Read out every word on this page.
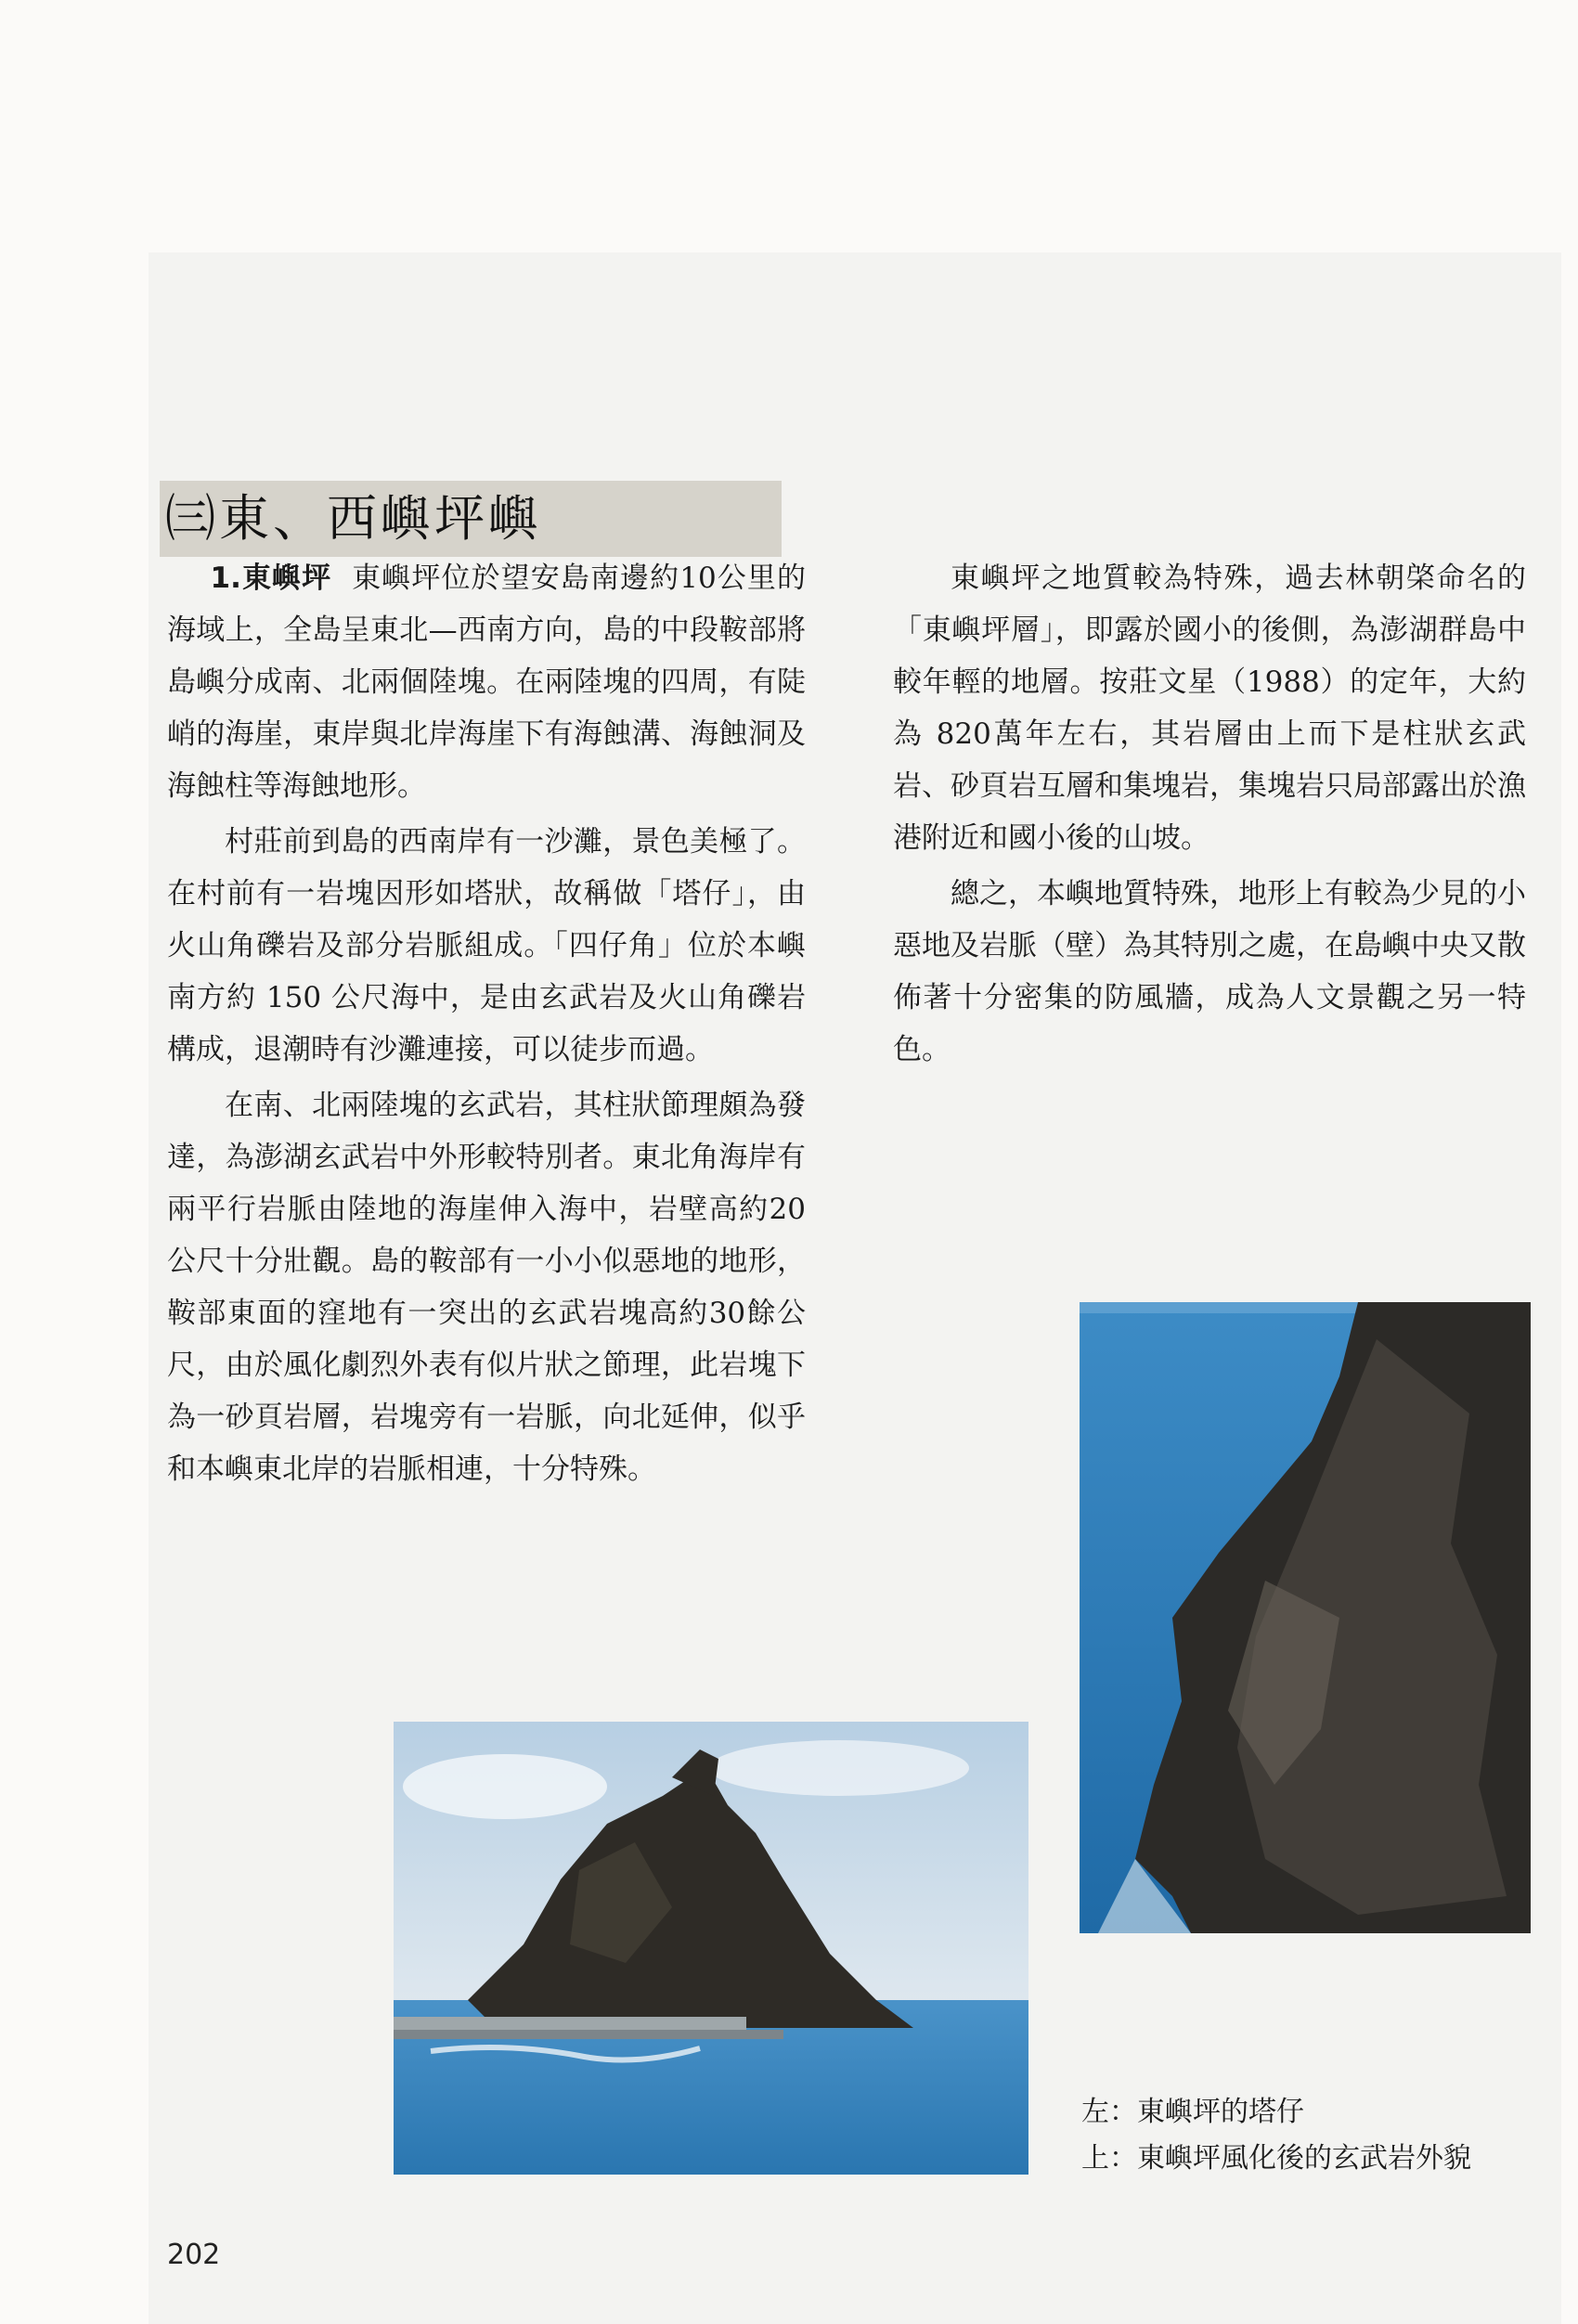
㈢東、西嶼坪嶼

1.東嶼坪 東嶼坪位於望安島南邊約10公里的海域上，全島呈東北—西南方向，島的中段鞍部將島嶼分成南、北兩個陸塊。在兩陸塊的四周，有陡峭的海崖，東岸與北岸海崖下有海蝕溝、海蝕洞及海蝕柱等海蝕地形。

村莊前到島的西南岸有一沙灘，景色美極了。在村前有一岩塊因形如塔狀，故稱做「塔仔」，由火山角礫岩及部分岩脈組成。「四仔角」位於本嶼南方約 150 公尺海中，是由玄武岩及火山角礫岩構成，退潮時有沙灘連接，可以徒步而過。

在南、北兩陸塊的玄武岩，其柱狀節理頗為發達，為澎湖玄武岩中外形較特別者。東北角海岸有兩平行岩脈由陸地的海崖伸入海中，岩壁高約20公尺十分壯觀。島的鞍部有一小小似惡地的地形，鞍部東面的窪地有一突出的玄武岩塊高約30餘公尺，由於風化劇烈外表有似片狀之節理，此岩塊下為一砂頁岩層，岩塊旁有一岩脈，向北延伸，似乎和本嶼東北岸的岩脈相連，十分特殊。

東嶼坪之地質較為特殊，過去林朝棨命名的「東嶼坪層」，即露於國小的後側，為澎湖群島中較年輕的地層。按莊文星（1988）的定年，大約為 820萬年左右，其岩層由上而下是柱狀玄武岩、砂頁岩互層和集塊岩，集塊岩只局部露出於漁港附近和國小後的山坡。

總之，本嶼地質特殊，地形上有較為少見的小惡地及岩脈（壁）為其特別之處，在島嶼中央又散佈著十分密集的防風牆，成為人文景觀之另一特色。

左：東嶼坪的塔仔
上：東嶼坪風化後的玄武岩外貌
202
